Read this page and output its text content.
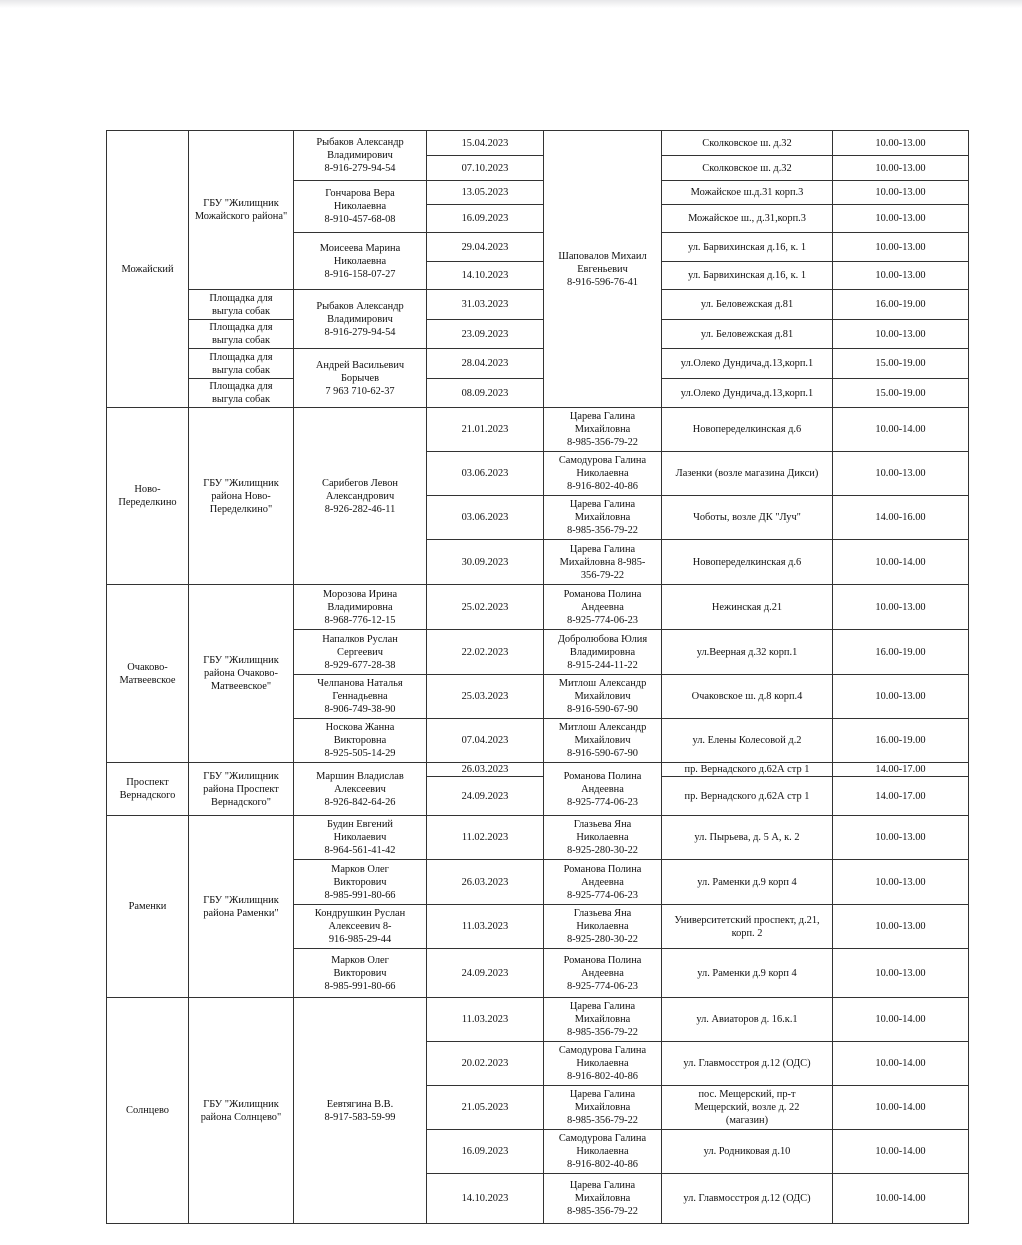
Можайский	ГБУ "Жилищник Можайского района"	Рыбаков Александр
Владимирович
8-916-279-94-54	15.04.2023	Шаповалов Михаил
Евгеньевич
8-916-596-76-41	Сколковское ш. д.32	10.00-13.00
			07.10.2023		Сколковское ш. д.32	10.00-13.00
		Гончарова Вера
Николаевна
8-910-457-68-08	13.05.2023		Можайское ш.д.31 корп.3	10.00-13.00
			16.09.2023		Можайское ш., д.31,корп.3	10.00-13.00
		Моисеева Марина
Николаевна
8-916-158-07-27	29.04.2023		ул. Барвихинская д.16, к. 1	10.00-13.00
			14.10.2023		ул. Барвихинская д.16, к. 1	10.00-13.00
	Площадка для
выгула собак	Рыбаков Александр
Владимирович
8-916-279-94-54	31.03.2023		ул. Беловежская д.81	16.00-19.00
	Площадка для
выгула собак		23.09.2023		ул. Беловежская д.81	10.00-13.00
	Площадка для
выгула собак	Андрей Васильевич
Борычев
7 963 710-62-37	28.04.2023		ул.Олеко Дундича,д.13,корп.1	15.00-19.00
	Площадка для
выгула собак		08.09.2023		ул.Олеко Дундича,д.13,корп.1	15.00-19.00
Ново-
Переделкино	ГБУ "Жилищник
района Ново-
Переделкино"	Сарибегов Левон
Александрович
8-926-282-46-11	21.01.2023	Царева Галина
Михайловна
8-985-356-79-22	Новопеределкинская д.6	10.00-14.00
			03.06.2023	Самодурова Галина
Николаевна
8-916-802-40-86	Лазенки (возле магазина Дикси)	10.00-13.00
			03.06.2023	Царева Галина
Михайловна
8-985-356-79-22	Чоботы, возле ДК "Луч"	14.00-16.00
			30.09.2023	Царева Галина
Михайловна 8-985-
356-79-22	Новопеределкинская д.6	10.00-14.00
Очаково-
Матвеевское	ГБУ "Жилищник
района Очаково-
Матвеевское"	Морозова Ирина
Владимировна
8-968-776-12-15	25.02.2023	Романова Полина
Андеевна
8-925-774-06-23	Нежинская д.21	10.00-13.00
		Напалков Руслан
Сергеевич
8-929-677-28-38	22.02.2023	Добролюбова Юлия
Владимировна
8-915-244-11-22	ул.Веерная д.32 корп.1	16.00-19.00
		Челпанова Наталья
Геннадьевна
8-906-749-38-90	25.03.2023	Митлош Александр
Михайлович
8-916-590-67-90	Очаковское ш. д.8 корп.4	10.00-13.00
		Носкова Жанна
Викторовна
8-925-505-14-29	07.04.2023	Митлош Александр
Михайлович
8-916-590-67-90	ул. Елены Колесовой д.2	16.00-19.00
Проспект
Вернадского	ГБУ "Жилищник
района Проспект
Вернадского"	Маршин Владислав
Алексеевич
8-926-842-64-26	26.03.2023	Романова Полина
Андеевна
8-925-774-06-23	пр. Вернадского д.62А стр 1	14.00-17.00
			24.09.2023		пр. Вернадского д.62А стр 1	14.00-17.00
Раменки	ГБУ "Жилищник
района Раменки"	Будин Евгений
Николаевич
8-964-561-41-42	11.02.2023	Глазьева Яна
Николаевна
8-925-280-30-22	ул. Пырьева, д. 5 А, к. 2	10.00-13.00
		Марков Олег
Викторович
8-985-991-80-66	26.03.2023	Романова Полина
Андеевна
8-925-774-06-23	ул. Раменки д.9 корп 4	10.00-13.00
		Кондрушкин Руслан
Алексеевич 8-
916-985-29-44	11.03.2023	Глазьева Яна
Николаевна
8-925-280-30-22	Университетский проспект, д.21,
корп. 2	10.00-13.00
		Марков Олег
Викторович
8-985-991-80-66	24.09.2023	Романова Полина
Андеевна
8-925-774-06-23	ул. Раменки д.9 корп 4	10.00-13.00
Солнцево	ГБУ "Жилищник
района Солнцево"	Еевтягина В.В.
8-917-583-59-99	11.03.2023	Царева Галина
Михайловна
8-985-356-79-22	ул. Авиаторов д. 16.к.1	10.00-14.00
			20.02.2023	Самодурова Галина
Николаевна
8-916-802-40-86	ул. Главмосстроя д.12 (ОДС)	10.00-14.00
			21.05.2023	Царева Галина
Михайловна
8-985-356-79-22	пос. Мещерский, пр-т
Мещерский, возле д. 22
(магазин)	10.00-14.00
			16.09.2023	Самодурова Галина
Николаевна
8-916-802-40-86	ул. Родниковая д.10	10.00-14.00
			14.10.2023	Царева Галина
Михайловна
8-985-356-79-22	ул. Главмосстроя д.12 (ОДС)	10.00-14.00
